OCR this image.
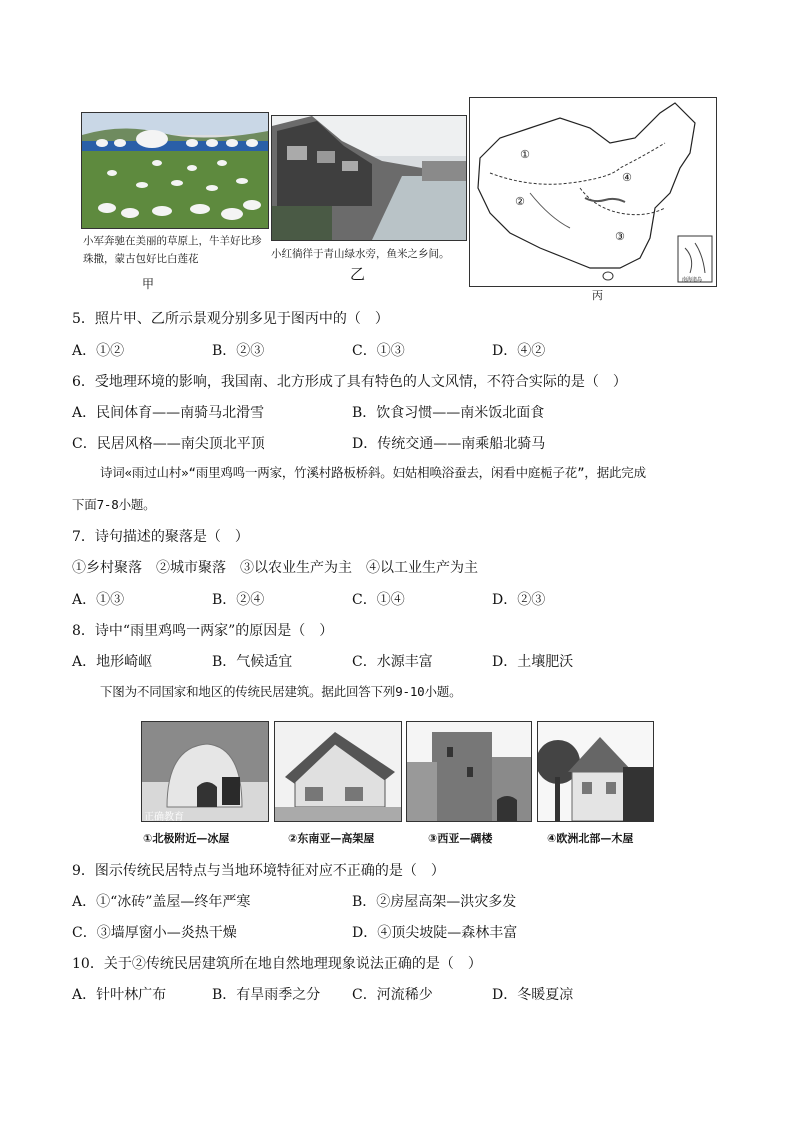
小军奔驰在美丽的草原上，牛羊好比珍珠撒，蒙古包好比白莲花
甲
小红徜徉于青山绿水旁，鱼米之乡间。
乙
①
②
③
④
南海诸岛
丙
5．照片甲、乙所示景观分别多见于图丙中的（　）
A．①②	B．②③	C．①③	D．④②
6．受地理环境的影响，我国南、北方形成了具有特色的人文风情，不符合实际的是（　）
A．民间体育——南骑马北滑雪	B．饮食习惯——南米饭北面食
C．民居风格——南尖顶北平顶	D．传统交通——南乘船北骑马
诗词«雨过山村»“雨里鸡鸣一两家，竹溪村路板桥斜。妇姑相唤浴蚕去，闲看中庭栀子花”，据此完成
下面7-8小题。
7．诗句描述的聚落是（　）
①乡村聚落　②城市聚落　③以农业生产为主　④以工业生产为主
A．①③	B．②④	C．①④	D．②③
8．诗中“雨里鸡鸣一两家”的原因是（　）
A．地形崎岖	B．气候适宜	C．水源丰富	D．土壤肥沃
下图为不同国家和地区的传统民居建筑。据此回答下列9-10小题。
正确教育
①北极附近—冰屋	②东南亚—高架屋	③西亚—碉楼	④欧洲北部—木屋
9．图示传统民居特点与当地环境特征对应不正确的是（　）
A．①“冰砖”盖屋—终年严寒	B．②房屋高架—洪灾多发
C．③墙厚窗小—炎热干燥	D．④顶尖坡陡—森林丰富
10．关于②传统民居建筑所在地自然地理现象说法正确的是（　）
A．针叶林广布	B．有旱雨季之分 C．河流稀少	D．冬暖夏凉
